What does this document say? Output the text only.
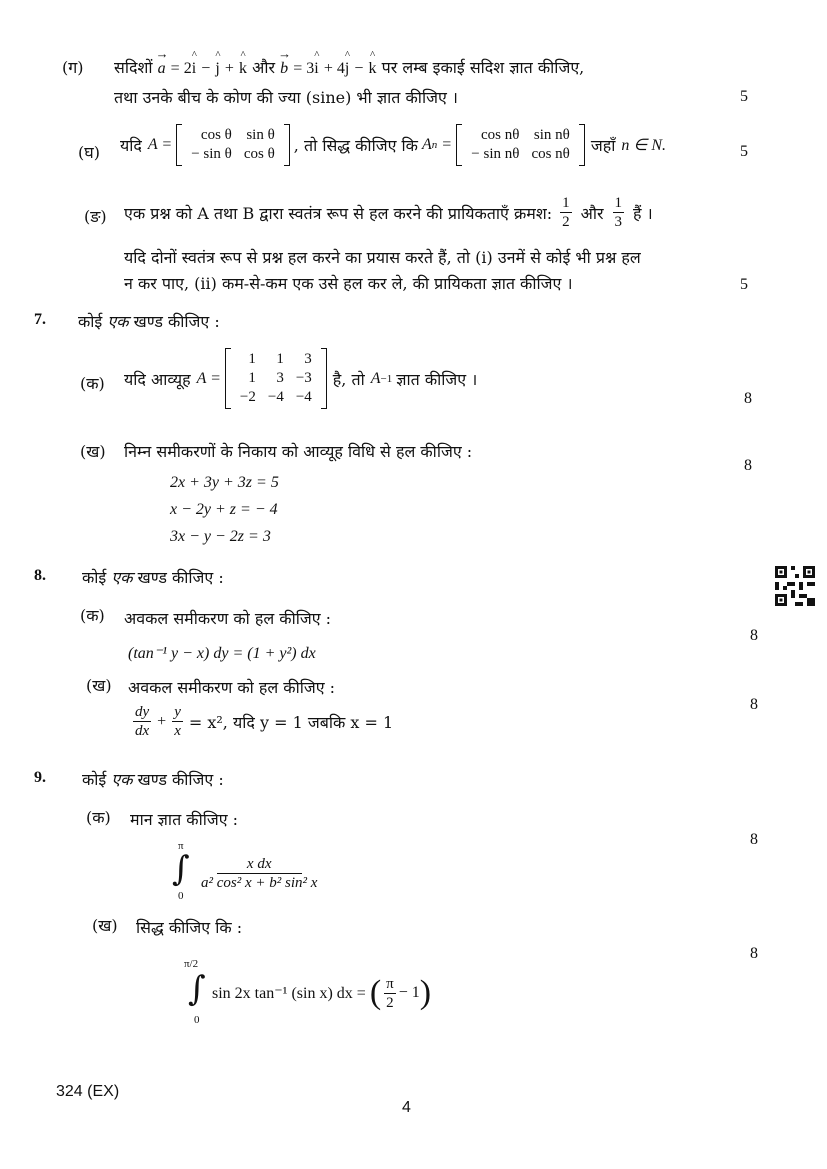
(ग) सदिशों → a = 2^ i − ^ j + ^ k और → b = 3^ i + 4^ j − ^ k पर लम्ब इकाई सदिश ज्ञात कीजिए,
तथा उनके बीच के कोण की ज्या (sine) भी ज्ञात कीजिए ।	5
(घ) यदि A =
cos θ	sin θ
− sin θ	cos θ , तो सिद्ध कीजिए कि A n =
cos nθ	sin nθ
− sin nθ	cos nθ जहाँ n ∈ N.	5
(ङ) एक प्रश्न को A तथा B द्वारा स्वतंत्र रूप से हल करने की प्रायिकताएँ क्रमश: $\frac{1}{2}$ और $\frac{1}{3}$ हैं ।
यदि दोनों स्वतंत्र रूप से प्रश्न हल करने का प्रयास करते हैं, तो (i) उनमें से कोई भी प्रश्न हल
न कर पाए, (ii) कम-से-कम एक उसे हल कर ले, की प्रायिकता ज्ञात कीजिए ।	5
7. कोई एक खण्ड कीजिए :
(क) यदि आव्यूह A =
1	1	3
1	3	−3
−2	−4	−4
है, तो A −1 ज्ञात कीजिए ।
8
(ख) निम्न समीकरणों के निकाय को आव्यूह विधि से हल कीजिए :
8
2x + 3y + 3z = 5
x − 2y + z = − 4
3x − y − 2z = 3
8. कोई एक खण्ड कीजिए :
(क) अवकल समीकरण को हल कीजिए :
8
(tan⁻¹ y − x) dy = (1 + y²) dx
(ख) अवकल समीकरण को हल कीजिए :
8
$\frac{dy}{dx} + \frac{y}{x} = x^2$, यदि y = 1 जबकि x = 1
9. कोई एक खण्ड कीजिए :
(क) मान ज्ञात कीजिए :
8
π
∫
0
$\frac{\text{x dx}}{\text{a² cos² x + b² sin² x}}$
(ख) सिद्ध कीजिए कि :
8
π/2
∫
0
sin 2x tan⁻¹ (sin x) dx = ( $\frac{\pi}{2} - 1$ )
324 (EX)
4
